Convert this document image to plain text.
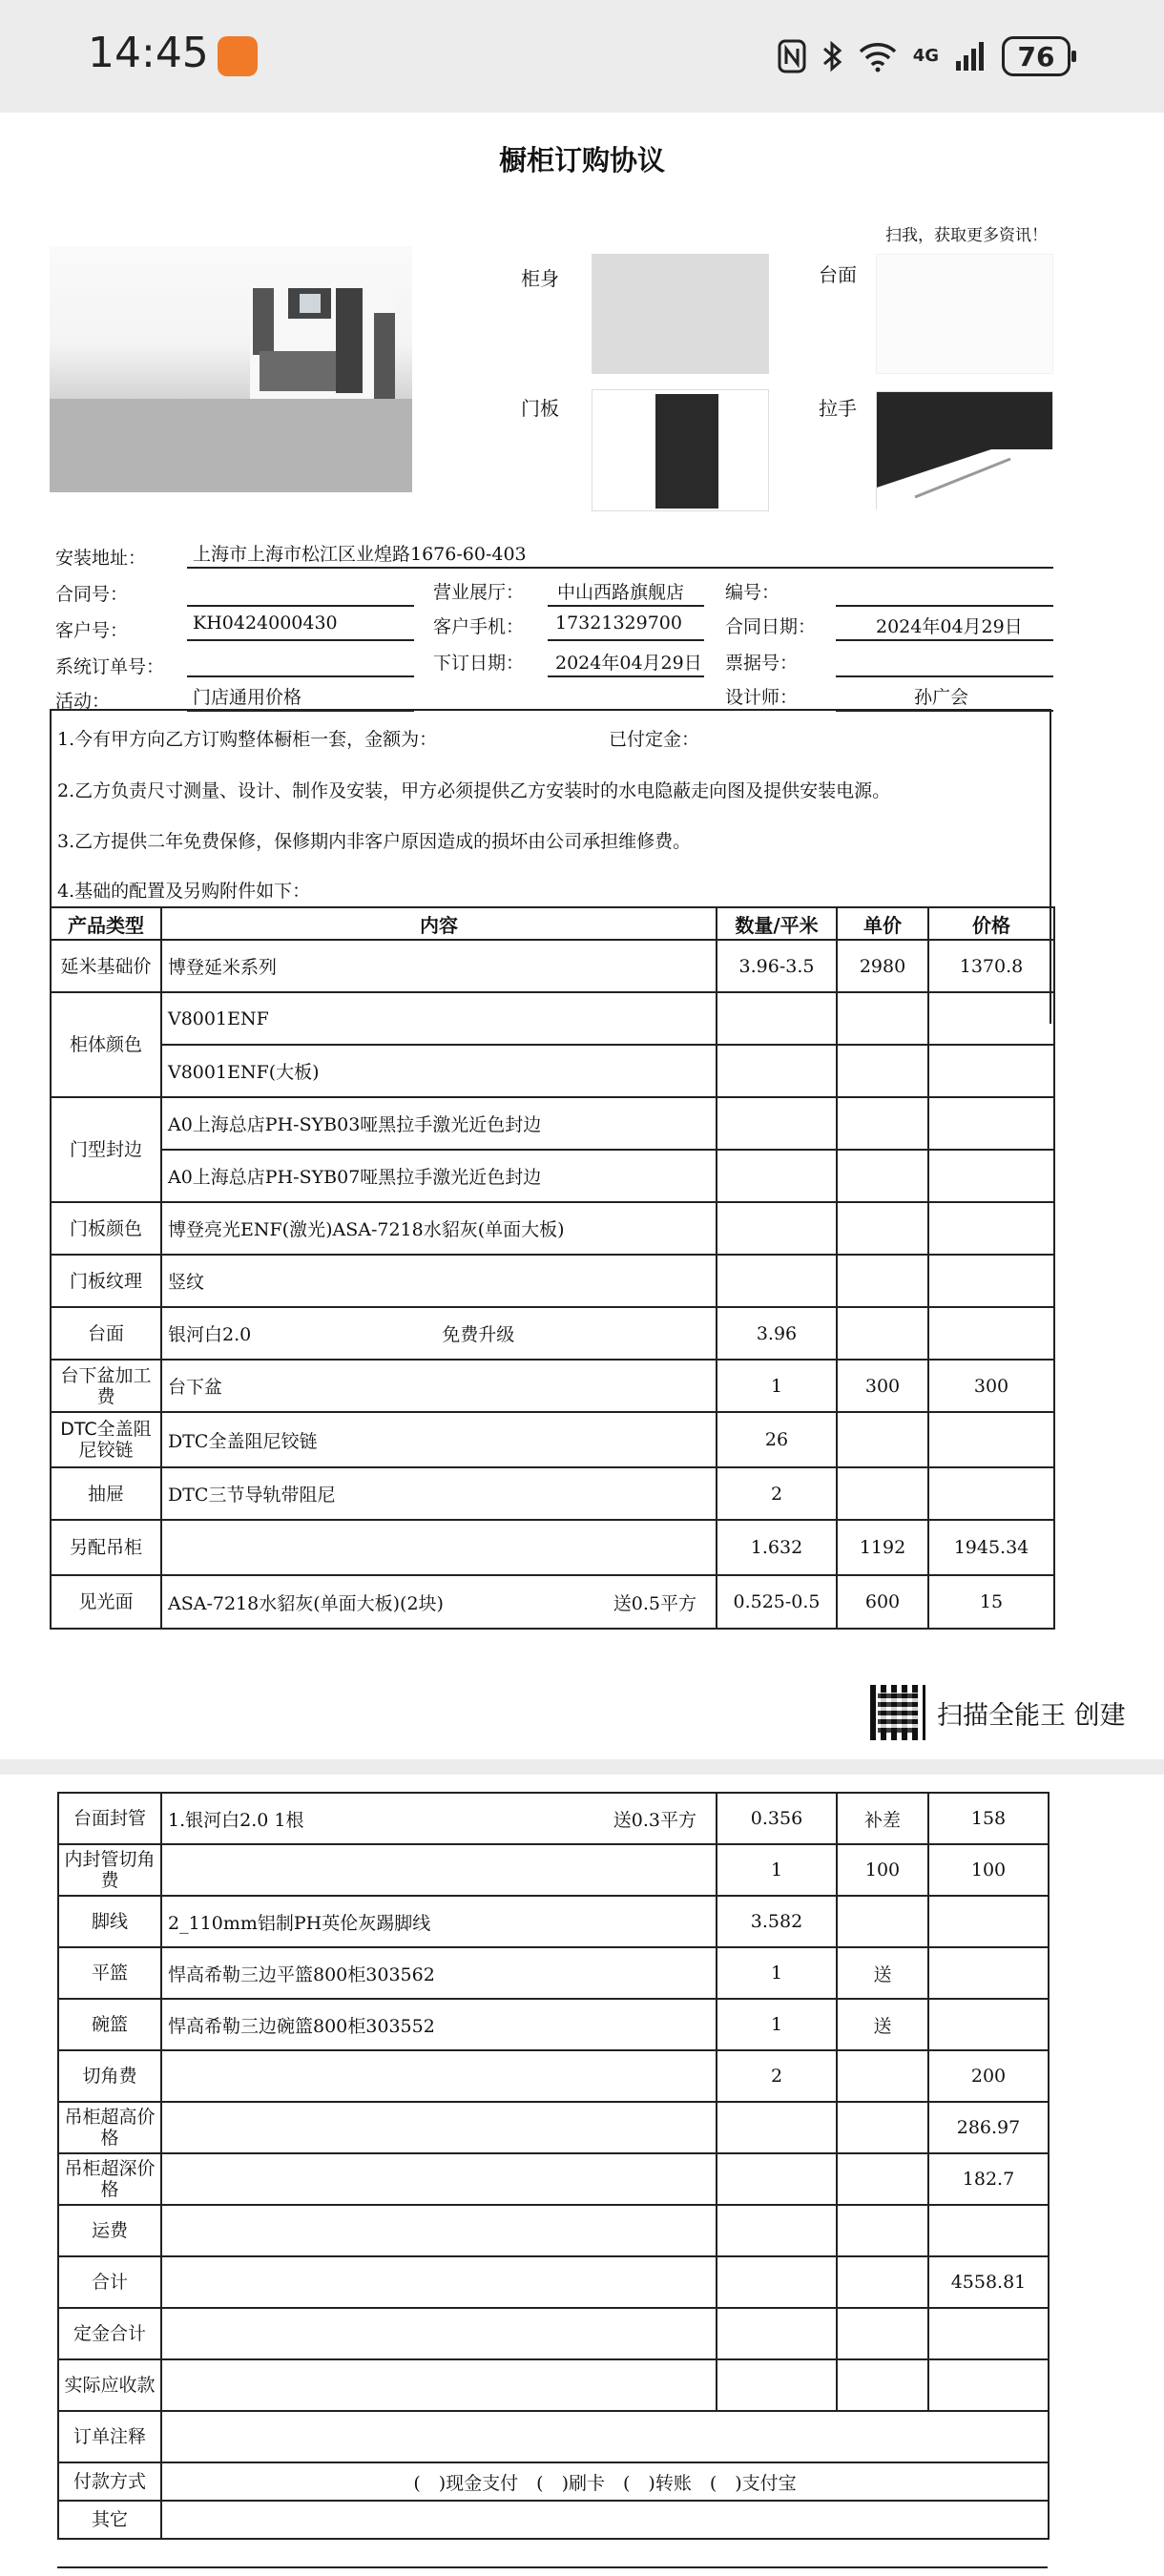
14:45	4G	76
橱柜订购协议
扫我，获取更多资讯！
柜身	台面
门板	拉手
安装地址：	上海市上海市松江区业煌路1676-60-403
合同号：	营业展厅： 中山西路旗舰店 编号：
客户号：	KH0424000430	客户手机： 17321329700 合同日期：	2024年04月29日
系统订单号：	下订日期： 2024年04月29日 票据号：
活动：	门店通用价格	设计师：	孙广会
1.今有甲方向乙方订购整体橱柜一套，金额为：	已付定金：
2.乙方负责尺寸测量、设计、制作及安装，甲方必须提供乙方安装时的水电隐蔽走向图及提供安装电源。
3.乙方提供二年免费保修，保修期内非客户原因造成的损坏由公司承担维修费。
4.基础的配置及另购附件如下：
产品类型	内容	数量/平米	单价	价格
延米基础价	博登延米系列	3.96-3.5	2980	1370.8
柜体颜色	V8001ENF			
	V8001ENF(大板)			
门型封边	A0上海总店PH-SYB03哑黑拉手激光近色封边			
	A0上海总店PH-SYB07哑黑拉手激光近色封边			
门板颜色	博登亮光ENF(激光)ASA-7218水貂灰(单面大板)			
门板纹理	竖纹			
台面	银河白2.0 免费升级	3.96		
台下盆加工费	台下盆	1	300	300
DTC全盖阻尼铰链	DTC全盖阻尼铰链	26		
抽屉	DTC三节导轨带阻尼	2		
另配吊柜		1.632	1192	1945.34
见光面	ASA-7218水貂灰(单面大板)(2块) 送0.5平方	0.525-0.5	600	15
扫描全能王 创建
台面封管	1.银河白2.0 1根 送0.3平方	0.356	补差	158
内封管切角费		1	100	100
脚线	2_110mm铝制PH英伦灰踢脚线	3.582		
平篮	悍高希勒三边平篮800柜303562	1	送	
碗篮	悍高希勒三边碗篮800柜303552	1	送	
切角费		2		200
吊柜超高价格				286.97
吊柜超深价格				182.7
运费				
合计				4558.81
定金合计				
实际应收款				
订单注释				
付款方式	(　)现金支付　(　)刷卡　(　)转账　(　)支付宝			
其它				
